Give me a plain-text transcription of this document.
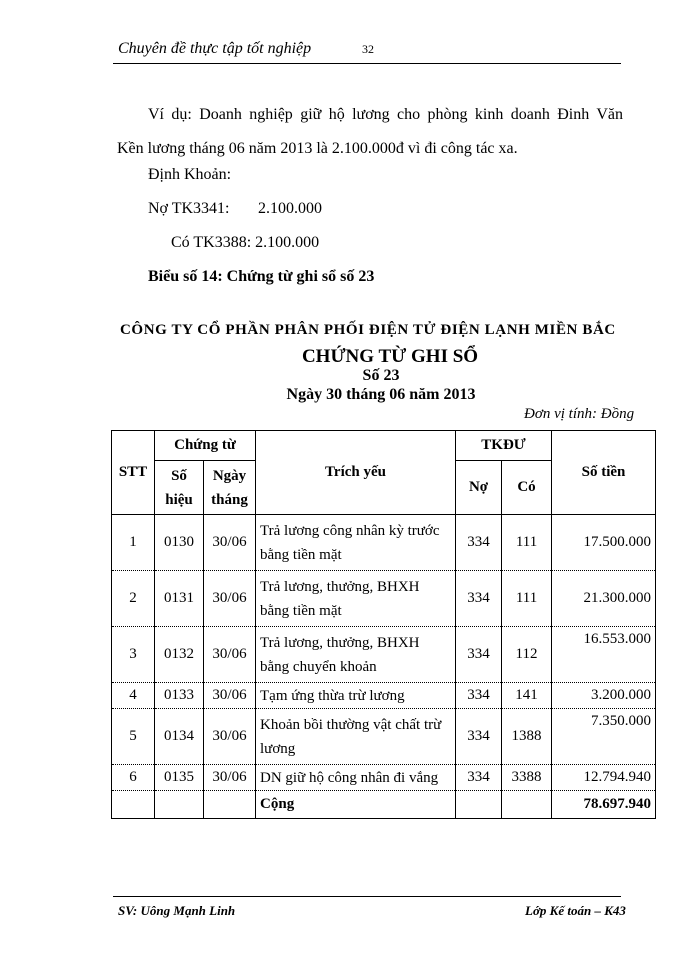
Chuyên đề thực tập tốt nghiệp	32
Ví dụ: Doanh nghiệp giữ hộ lương cho phòng kinh doanh Đinh Văn
Kền lương tháng 06 năm 2013 là 2.100.000đ vì đi công tác xa.
Định Khoản:
Nợ TK3341: 2.100.000
Có TK3388: 2.100.000
Biểu số 14: Chứng từ ghi sổ số 23
CÔNG TY CỔ PHẦN PHÂN PHỐI ĐIỆN TỬ ĐIỆN LẠNH MIỀN BẮC
CHỨNG TỪ GHI SỔ
Số 23
Ngày 30 tháng 06 năm 2013
Đơn vị tính: Đồng
STT	Chứng từ		Trích yếu	TKĐƯ		Số tiền
	Số hiệu	Ngày tháng		Nợ	Có	
1	0130	30/06	Trả lương công nhân kỳ trước bằng tiền mặt	334	111	17.500.000
2	0131	30/06	Trả lương, thưởng, BHXH bằng tiền mặt	334	111	21.300.000
3	0132	30/06	Trả lương, thưởng, BHXH bằng chuyển khoản	334	112	16.553.000
4	0133	30/06	Tạm ứng thừa trừ lương	334	141	3.200.000
5	0134	30/06	Khoản bồi thường vật chất trừ lương	334	1388	7.350.000
6	0135	30/06	DN giữ hộ công nhân đi vắng	334	3388	12.794.940
			Cộng			78.697.940
SV: Uông Mạnh Linh	Lớp Kế toán – K43
